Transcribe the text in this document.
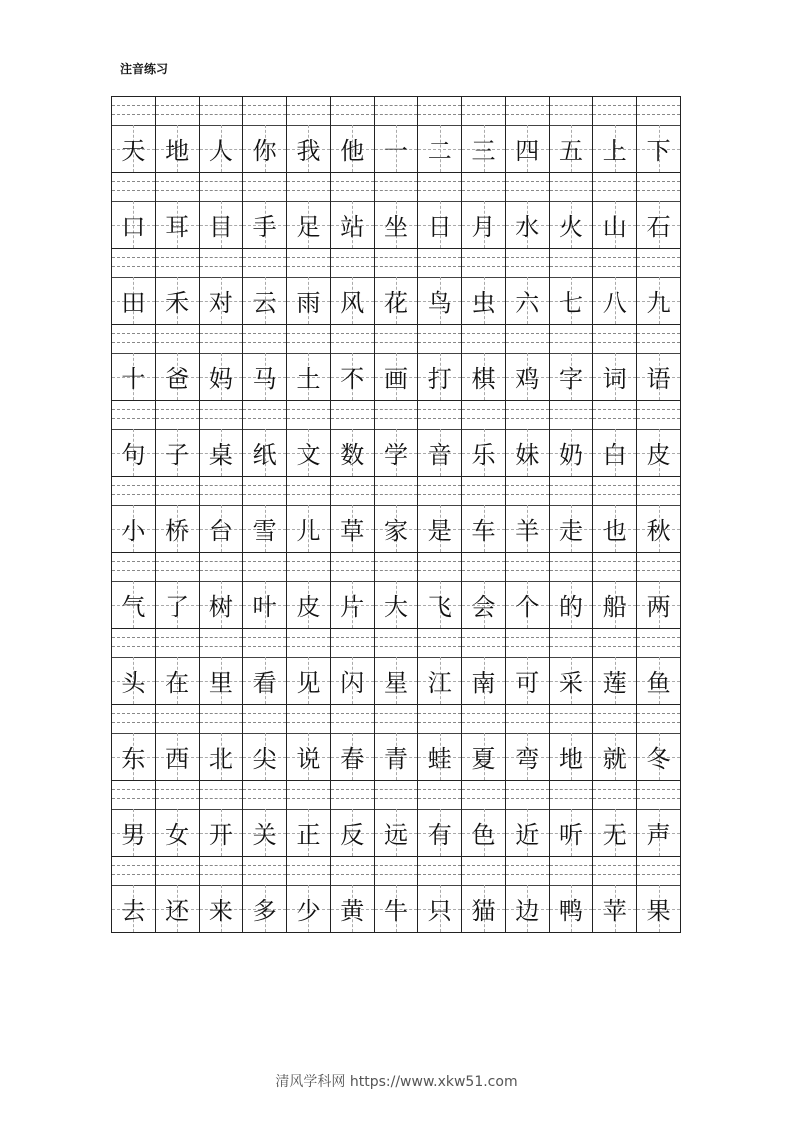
注音练习
天 地 人 你 我 他 一 二 三 四 五 上 下
口 耳 目 手 足 站 坐 日 月 水 火 山 石
田 禾 对 云 雨 风 花 鸟 虫 六 七 八 九
十 爸 妈 马 土 不 画 打 棋 鸡 字 词 语
句 子 桌 纸 文 数 学 音 乐 妹 奶 白 皮
小 桥 台 雪 儿 草 家 是 车 羊 走 也 秋
气 了 树 叶 皮 片 大 飞 会 个 的 船 两
头 在 里 看 见 闪 星 江 南 可 采 莲 鱼
东 西 北 尖 说 春 青 蛙 夏 弯 地 就 冬
男 女 开 关 正 反 远 有 色 近 听 无 声
去 还 来 多 少 黄 牛 只 猫 边 鸭 苹 果
清风学科网 https://www.xkw51.com
